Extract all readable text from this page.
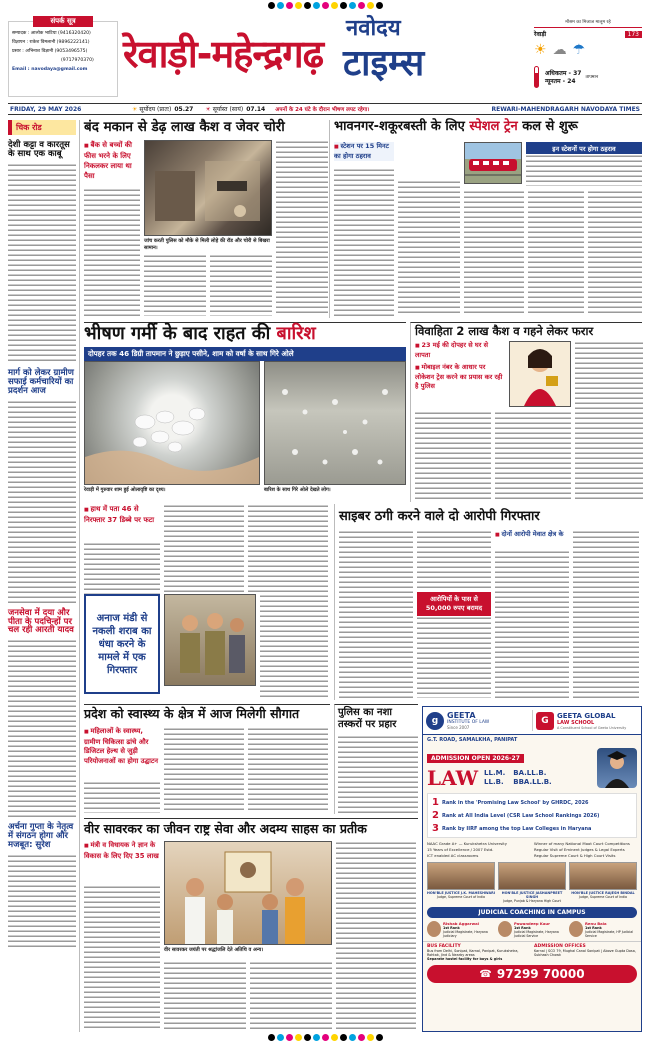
संपर्क सूत्र
सम्पादक : आलोक भाटिया (9416320420)
विज्ञापन : राकेश विमलानी (9896222141)
प्रसार : अभिनाश विज्ञानी (9053496575)
(9717970370)
Email : navodaya@gmail.com
नवोदय
रेवाड़ी-महेन्द्रगढ़ टाइम्स
मौसम का मिजाज मालूम रहे
रेवाड़ी	173
☀ ☁ ☂
अधिकतम - 37
न्यूनतम - 24
तापमान
FRIDAY, 29 MAY 2026	☀ सूर्योदय (प्रातः) 05.27 ☀ सूर्यास्त (सायं) 07.14 अपनों के 24 घंटे के दौरान भीषण लपट रहेगा।	REWARI-MAHENDRAGARH NAVODAYA TIMES
चिक रोड
देशी कट्टा व कारतूस के साथ एक काबू
मार्ग को लेकर ग्रामीण सफाई कर्मचारियों का प्रदर्शन आज
जनसेवा में दया और पीता के पदचिन्हों पर चल रही आरती यादव
अर्चना गुप्ता के नेतृत्व में संगठन होगा और मजबूत: सुरेश
बंद मकान से डेढ़ लाख कैश व जेवर चोरी
■ बैंक से बच्चों की फीस भरने के लिए निकलकर लाया था पैसा
जांच करती पुलिस को मौके से मिली लोहे की रॉड और चोरी से बिखरा सामान।
भावनगर-शकूरबस्ती के लिए स्पेशल ट्रेन कल से शुरू
■ स्टेशन पर 15 मिनट का होगा ठहराव
इन स्टेशनों पर होगा ठहराव
भीषण गर्मी के बाद राहत की बारिश
दोपहर तक 46 डिग्री तापमान ने छुड़ाए पसीने, शाम को वर्षा के साथ गिरे ओले
रेवाड़ी में गुरुवार शाम हुई ओलावृष्टि का दृश्य।	बारिश के साथ गिरे ओले देखते लोग।
विवाहिता 2 लाख कैश व गहने लेकर फरार
■ 23 मई की दोपहर से घर से लापता
■ मोबाइल नंबर के आधार पर लोकेशन ट्रेस करने का प्रयास कर रही है पुलिस
■ हाथ में पता 46 से निरफ्तार 37 डिब्बे पर फटा
अनाज मंडी से नकली शराब का धंधा करने के मामले में एक गिरफ्तार
साइबर ठगी करने वाले दो आरोपी गिरफ्तार
आरोपियों के पास से 50,000 रुपए बरामद
■ दोनों आरोपी मेवात क्षेत्र के
प्रदेश को स्वास्थ्य के क्षेत्र में आज मिलेगी सौगात
■ महिलाओं के स्वास्थ्य, ग्रामीण चिकित्सा ढांचे और डिजिटल हेल्थ से जुड़ी परियोजनाओं का होगा उद्घाटन
पुलिस का नशा तस्करों पर प्रहार
वीर सावरकर का जीवन राष्ट्र सेवा और अदम्य साहस का प्रतीक
■ मंत्री व विधायक ने ज्ञान के विकास के लिए दिए 35 लाख
वीर सावरकर जयंती पर श्रद्धांजलि देते अतिथि व अन्य।
g	GEETA
INSTITUTE OF LAW
Since 2007
G	GEETA GLOBAL
LAW SCHOOL
A Constituent School of Geeta University
G.T. ROAD, SAMALKHA, PANIPAT
ADMISSION OPEN 2026-27
LAW LL.M.
LL.B.
BA.LL.B.
BBA.LL.B.
1 Rank in the 'Promising Law School' by GHRDC, 2026
2 Rank at All India Level (CSR Law School Rankings 2026)
3 Rank by IIRF among the top Law Colleges in Haryana
NAAC Grade A+ — Kurukshetra University	Winner of many National Moot Court Competitions
15 Years of Excellence / 2007 Estd.	Regular Visit of Eminent Judges & Legal Experts
ICT enabled AC classrooms	Regular Supreme Court & High Court Visits
HON'BLE JUSTICE J.K. MAHESHWARI
Judge, Supreme Court of India
HON'BLE JUSTICE JASHANPREET SINGH
Judge, Punjab & Haryana High Court
HON'BLE JUSTICE RAJESH BINDAL
Judge, Supreme Court of India
JUDICIAL COACHING IN CAMPUS
Rishab Aggarwal
1st Rank
Judicial Magistrate, Haryana Judiciary
Pawandeep Kaur
1st Rank
Judicial Magistrate, Haryana Judicial Service
Renu Bala
1st Rank
Judicial Magistrate, HP Judicial Service
BUS FACILITY
Bus from Delhi, Sonipat, Karnal, Panipat, Kurukshetra, Rohtak, Jind & Nearby areas
Separate hostel facility for boys & girls
ADMISSION OFFICES
Karnal | SCO 79, Mughal Canal Sonipat | Above Gupta Dosa, Subhash Chowk
☎ 97299 70000
